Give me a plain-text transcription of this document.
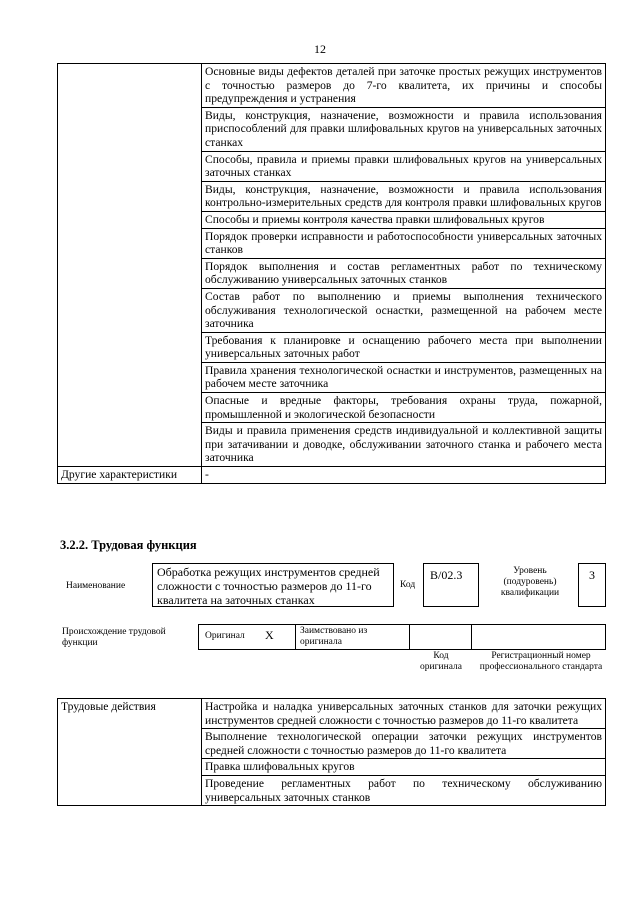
12
	Основные виды дефектов деталей при заточке простых режущих инструментов с точностью размеров до 7-го квалитета, их причины и способы предупреждения и устранения
	Виды, конструкция, назначение, возможности и правила использования приспособлений для правки шлифовальных кругов на универсальных заточных станках
	Способы, правила и приемы правки шлифовальных кругов на универсальных заточных станках
	Виды, конструкция, назначение, возможности и правила использования контрольно-измерительных средств для контроля правки шлифовальных кругов
	Способы и приемы контроля качества правки шлифовальных кругов
	Порядок проверки исправности и работоспособности универсальных заточных станков
	Порядок выполнения и состав регламентных работ по техническому обслуживанию универсальных заточных станков
	Состав работ по выполнению и приемы выполнения технического обслуживания технологической оснастки, размещенной на рабочем месте заточника
	Требования к планировке и оснащению рабочего места при выполнении универсальных заточных работ
	Правила хранения технологической оснастки и инструментов, размещенных на рабочем месте заточника
	Опасные и вредные факторы, требования охраны труда, пожарной, промышленной и экологической безопасности
	Виды и правила применения средств индивидуальной и коллективной защиты при затачивании и доводке, обслуживании заточного станка и рабочего места заточника
Другие характеристики	-
3.2.2. Трудовая функция
Наименование
Обработка режущих инструментов средней сложности с точностью размеров до 11-го квалитета на заточных станках
Код
B/02.3	Уровень (подуровень) квалификации
3
Происхождение трудовой функции
Оригинал X	Заимствовано из оригинала
Код оригинала
Регистрационный номер профессионального стандарта
Трудовые действия	Настройка и наладка универсальных заточных станков для заточки режущих инструментов средней сложности с точностью размеров до 11-го квалитета
Выполнение технологической операции заточки режущих инструментов средней сложности с точностью размеров до 11-го квалитета
Правка шлифовальных кругов
Проведение регламентных работ по техническому обслуживанию универсальных заточных станков
